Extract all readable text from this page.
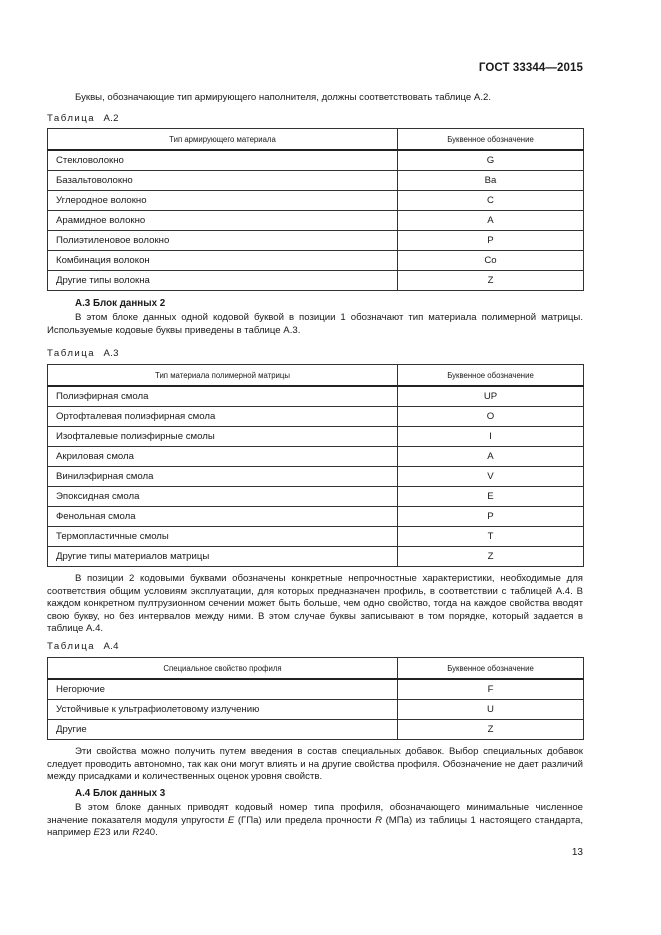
ГОСТ 33344—2015
Буквы, обозначающие тип армирующего наполнителя, должны соответствовать таблице А.2.
Таблица А.2
Тип армирующего материала	Буквенное обозначение
Стекловолокно	G
Базальтоволокно	Ba
Углеродное волокно	C
Арамидное волокно	A
Полиэтиленовое волокно	P
Комбинация волокон	Co
Другие типы волокна	Z
А.3 Блок данных 2
В этом блоке данных одной кодовой буквой в позиции 1 обозначают тип материала полимерной матрицы. Используемые кодовые буквы приведены в таблице А.3.
Таблица А.3
Тип материала полимерной матрицы	Буквенное обозначение
Полиэфирная смола	UP
Ортофталевая полиэфирная смола	O
Изофталевые полиэфирные смолы	I
Акриловая смола	A
Винилэфирная смола	V
Эпоксидная смола	E
Фенольная смола	P
Термопластичные смолы	T
Другие типы материалов матрицы	Z
В позиции 2 кодовыми буквами обозначены конкретные непрочностные характеристики, необходимые для соответствия общим условиям эксплуатации, для которых предназначен профиль, в соответствии с таблицей А.4. В каждом конкретном пултрузионном сечении может быть больше, чем одно свойство, тогда на каждое свойства вводят свою букву, но без интервалов между ними. В этом случае буквы записывают в том порядке, который задается в таблице А.4.
Таблица А.4
Специальное свойство профиля	Буквенное обозначение
Негорючие	F
Устойчивые к ультрафиолетовому излучению	U
Другие	Z
Эти свойства можно получить путем введения в состав специальных добавок. Выбор специальных добавок следует проводить автономно, так как они могут влиять и на другие свойства профиля. Обозначение не дает различий между присадками и количественных оценок уровня свойств.
А.4 Блок данных 3
В этом блоке данных приводят кодовый номер типа профиля, обозначающего минимальные численное значение показателя модуля упругости E (ГПа) или предела прочности R (МПа) из таблицы 1 настоящего стандарта, например E23 или R240.
13
